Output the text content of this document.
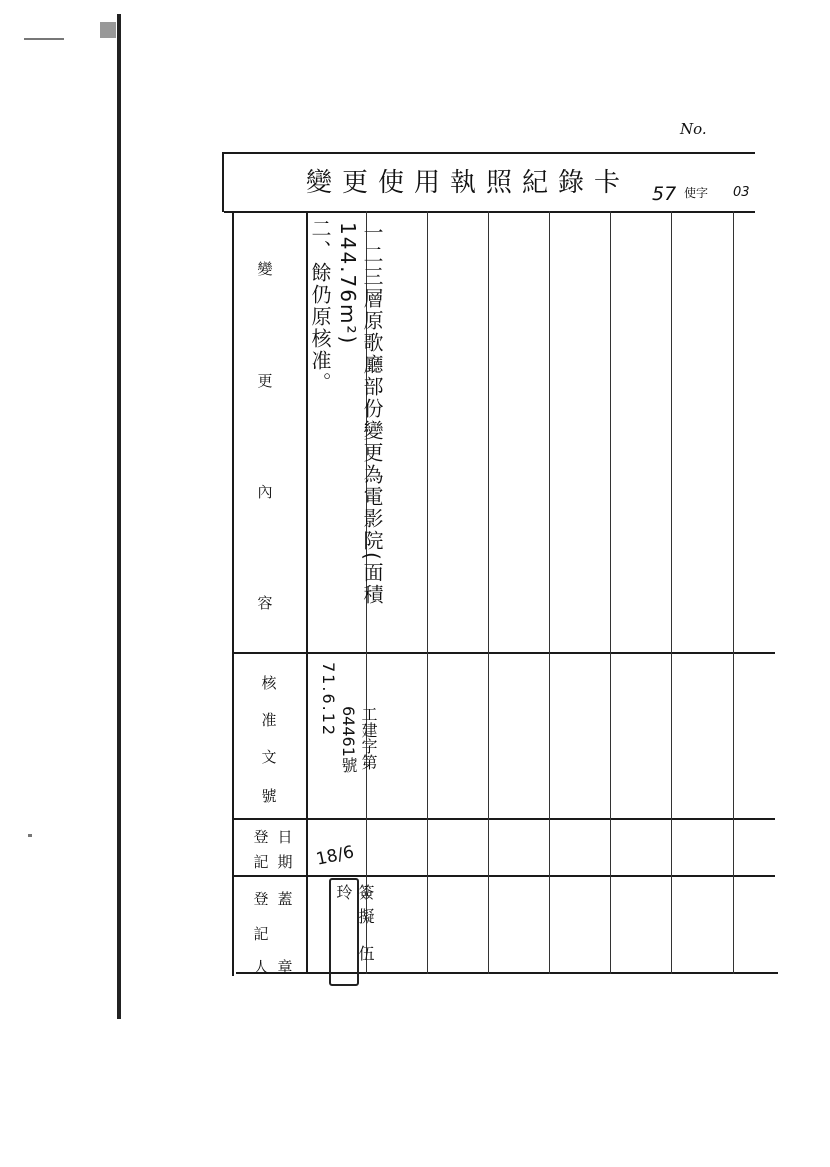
No.
變更使用執照紀錄卡 57 使字 03
變
更
內
容
核
准
文
號
登
記
日
期
登
記
人
蓋
章
一二三層原歌廳部份變更為電影院(面積144.76m²)
二、餘仍原核准。
71.6.12
工建字第64461號
18/6
簽擬 伍玲
